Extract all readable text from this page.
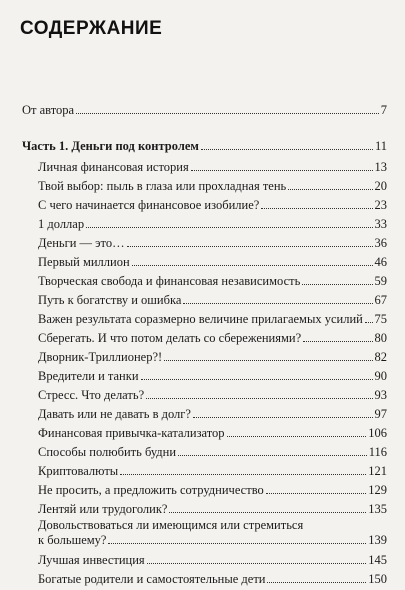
СОДЕРЖАНИЕ
От автора	7
Часть 1. Деньги под контролем	11
Личная финансовая история	13
Твой выбор: пыль в глаза или прохладная тень	20
С чего начинается финансовое изобилие?	23
1 доллар	33
Деньги — это…	36
Первый миллион	46
Творческая свобода и финансовая независимость	59
Путь к богатству и ошибка	67
Важен результата соразмерно величине прилагаемых усилий 75
Сберегать. И что потом делать со сбережениями?	80
Дворник-Триллионер?!	82
Вредители и танки	90
Стресс. Что делать?	93
Давать или не давать в долг?	97
Финансовая привычка-катализатор	106
Способы полюбить будни	116
Криптовалюты	121
Не просить, а предложить сотрудничество	129
Лентяй или трудоголик?	135
Довольствоваться ли имеющимся или стремиться
к большему?	139
Лучшая инвестиция	145
Богатые родители и самостоятельные дети	150
